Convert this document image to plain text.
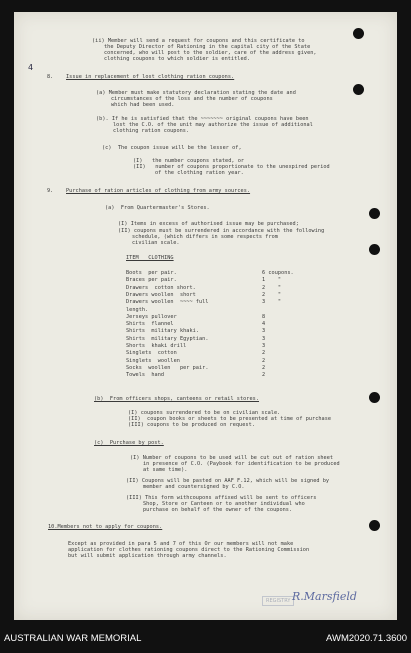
4
(ii) Member will send a request for coupons and this certificate to
the Deputy Director of Rationing in the capital city of the State
concerned, who will post to the soldier, care of the address given,
clothing coupons to which soldier is entitled.
8. Issue in replacement of lost clothing ration coupons.
(a) Member must make statutory declaration stating the date and
circumstances of the loss and the number of coupons
which had been used.
(b). If he is satisfied that the ~~~~~~~ original coupons have been
lost the C.O. of the unit may authorize the issue of additional
clothing ration coupons.
(c)  The coupon issue will be the lesser of,
(I)   the number coupons stated, or
(II)   number of coupons proportionate to the unexpired period
of the clothing ration year.
9. Purchase of ration articles of clothing from army sources.
(a)  From Quartermaster's Stores.
(I) Items in excess of authorised issue may be purchased;
(II) coupons must be surrendered in accordance with the following
schedule, (which differs in some respects from
civilian scale.
ITEM   CLOTHING
Boots  per pair.
Braces per pair.
Drawers  cotton short.
Drawers woollen  short
Drawers woollen  ~~~~ full
length.
Jerseys pullover
Shirts  flannel
Shirts  military khaki.
Shirts  military Egyptian.
Shorts  khaki drill
Singlets  cotton
Singlets  woollen
Socks  woollen   per pair.
Towels  hand
6 coupons.
1    "
2    "
2    "
3    "
8
4
3
3
3
2
2
2
2
(b)  From officers shops, canteens or retail stores.
(I) coupons surrendered to be on civilian scale.
(II)  coupon books or sheets to be presented at time of purchase
(III) coupons to be produced on request.
(c)  Purchase by post.
(I) Number of coupons to be used will be cut out of ration sheet
in presence of C.O. (Paybook for identification to be produced
at same time).
(II) Coupons will be pasted on AAF F.12, which will be signed by
member and countersigned by C.O.
(III) This form withcoupons affixed will be sent to officers
Shop, Store or Canteen or to another individual who
purchase on behalf of the owner of the coupons.
10.Members not to apply for coupons.
Except as provided in para 5 and 7 of this Or our members will not make
application for clothes rationing coupons direct to the Rationing Commission
but will submit application through army channels.
REGISTRY R.Marsfield
AUSTRALIAN WAR MEMORIAL	AWM2020.71.3600
